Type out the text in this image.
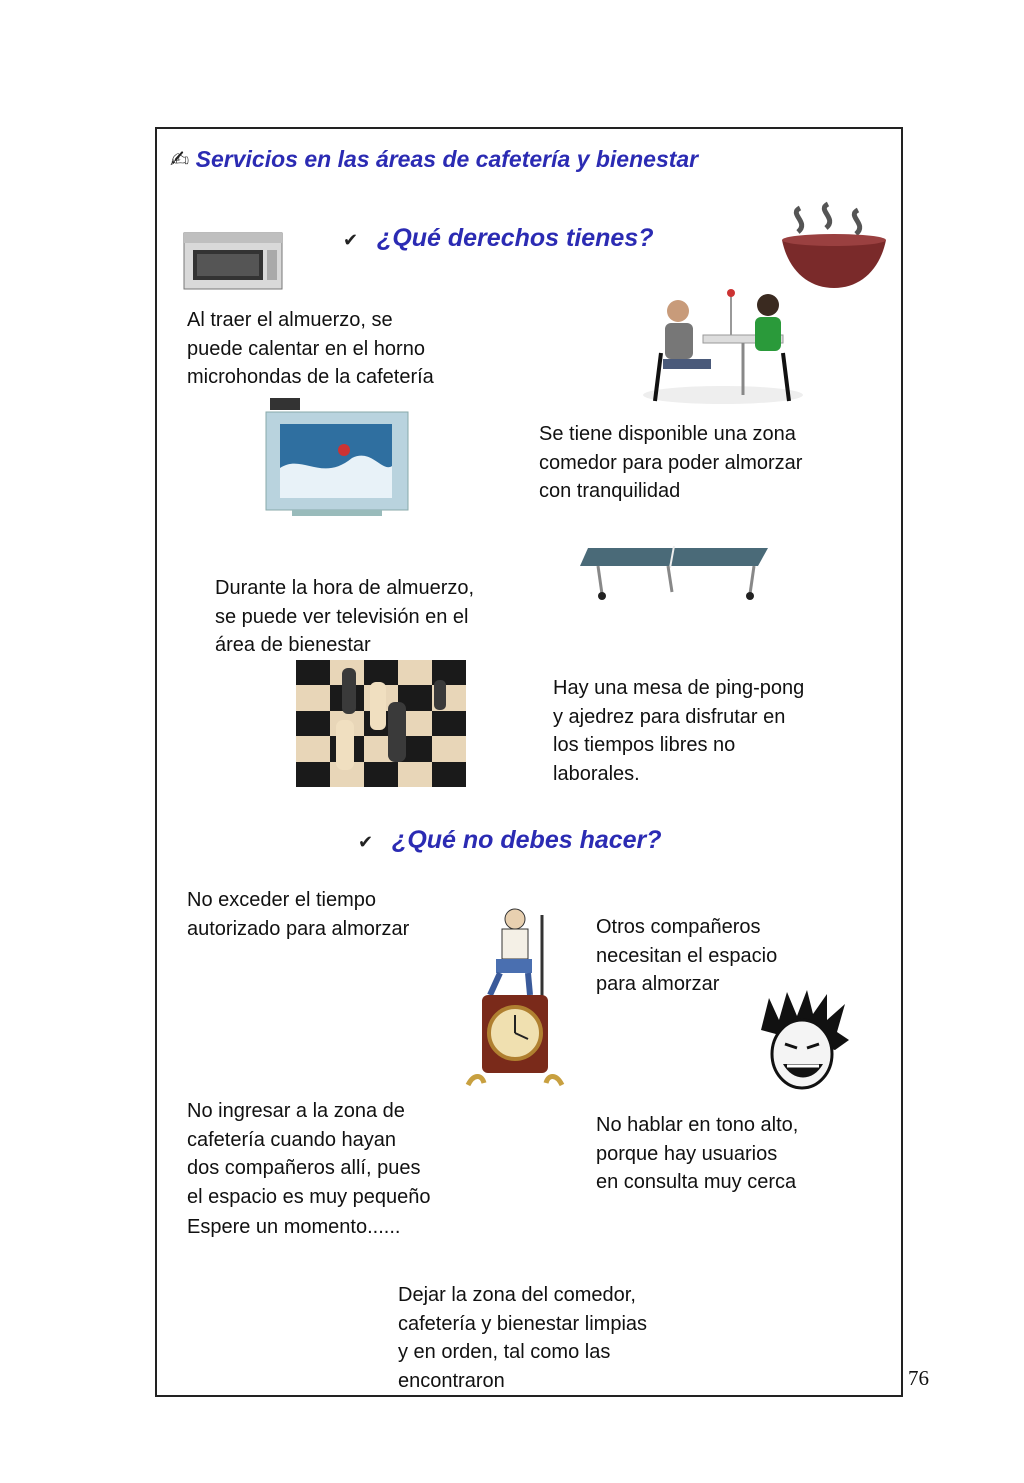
✍ Servicios en las áreas de cafetería y bienestar
✔ ¿Qué derechos tienes?
Al traer el almuerzo, se
puede calentar en el horno
microhondas de la cafetería
Se tiene disponible una zona
comedor para poder almorzar
con tranquilidad
Durante la hora de almuerzo,
se puede ver televisión en el
área de bienestar
Hay una mesa de ping-pong
y ajedrez para disfrutar en
los tiempos libres no
laborales.
✔ ¿Qué no debes hacer?
No exceder el tiempo
autorizado para almorzar	Otros compañeros
necesitan el espacio
para almorzar
No ingresar a la zona de
cafetería cuando hayan
dos compañeros allí, pues
el espacio es muy pequeño
Espere un momento......
No hablar en tono alto,
porque hay usuarios
en consulta muy cerca
Dejar la zona del comedor,
cafetería y bienestar limpias
y en orden, tal como las
encontraron	76
